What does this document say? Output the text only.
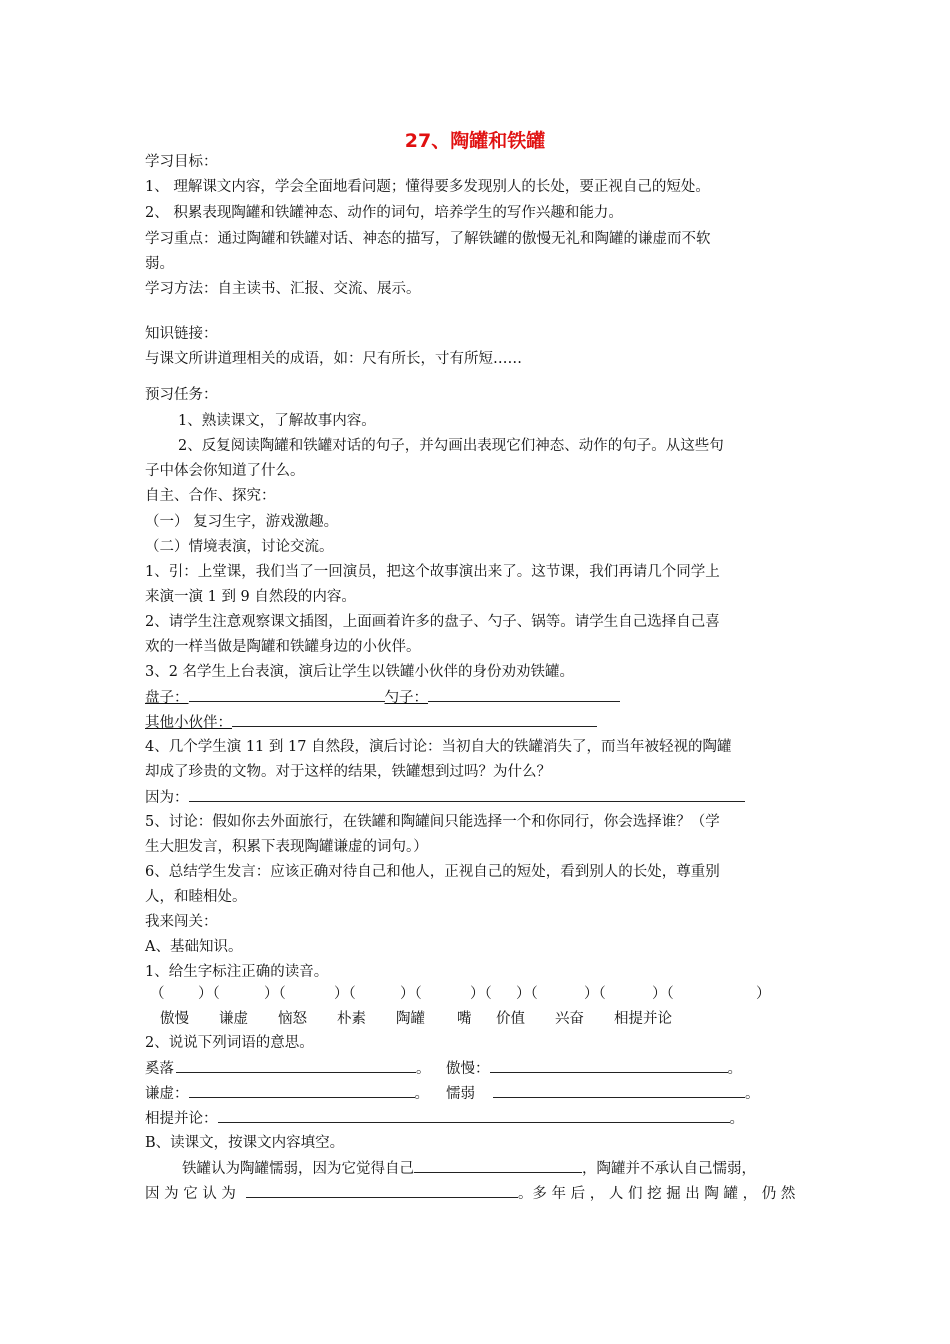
27、陶罐和铁罐
学习目标：
1、 理解课文内容，学会全面地看问题；懂得要多发现别人的长处，要正视自己的短处。
2、 积累表现陶罐和铁罐神态、动作的词句，培养学生的写作兴趣和能力。
学习重点：通过陶罐和铁罐对话、神态的描写，了解铁罐的傲慢无礼和陶罐的谦虚而不软
弱。
学习方法：自主读书、汇报、交流、展示。
知识链接：
与课文所讲道理相关的成语，如：尺有所长，寸有所短……
预习任务：
1、熟读课文，了解故事内容。
2、反复阅读陶罐和铁罐对话的句子，并勾画出表现它们神态、动作的句子。从这些句
子中体会你知道了什么。
自主、合作、探究：
（一） 复习生字，游戏激趣。
（二）情境表演，讨论交流。
1、引：上堂课，我们当了一回演员，把这个故事演出来了。这节课，我们再请几个同学上
来演一演 1 到 9 自然段的内容。
2、请学生注意观察课文插图，上面画着许多的盘子、勺子、锅等。请学生自己选择自己喜
欢的一样当做是陶罐和铁罐身边的小伙伴。
3、2 名学生上台表演，演后让学生以铁罐小伙伴的身份劝劝铁罐。
盘子：	勺子：
其他小伙伴：
4、几个学生演 11 到 17 自然段，演后讨论：当初自大的铁罐消失了，而当年被轻视的陶罐
却成了珍贵的文物。对于这样的结果，铁罐想到过吗？为什么？
因为：
5、讨论：假如你去外面旅行，在铁罐和陶罐间只能选择一个和你同行，你会选择谁？（学
生大胆发言，积累下表现陶罐谦虚的词句。）
6、总结学生发言：应该正确对待自己和他人，正视自己的短处，看到别人的长处，尊重别
人，和睦相处。
我来闯关：
A、基础知识。
1、给生字标注正确的读音。
（ ）（	）（	）（	）（	）（ ）（	）（	）（	）
傲慢 谦虚 恼怒 朴素 陶罐 嘴 价值 兴奋 相提并论
2、说说下列词语的意思。
奚落	。 傲慢：	。
谦虚：	。 懦弱	。
相提并论：	。
B、读课文，按课文内容填空。
铁罐认为陶罐懦弱，因为它觉得自己	，陶罐并不承认自己懦弱，
因 为 它 认 为	。多 年 后 ， 人 们 挖 掘 出 陶 罐 ， 仍 然
